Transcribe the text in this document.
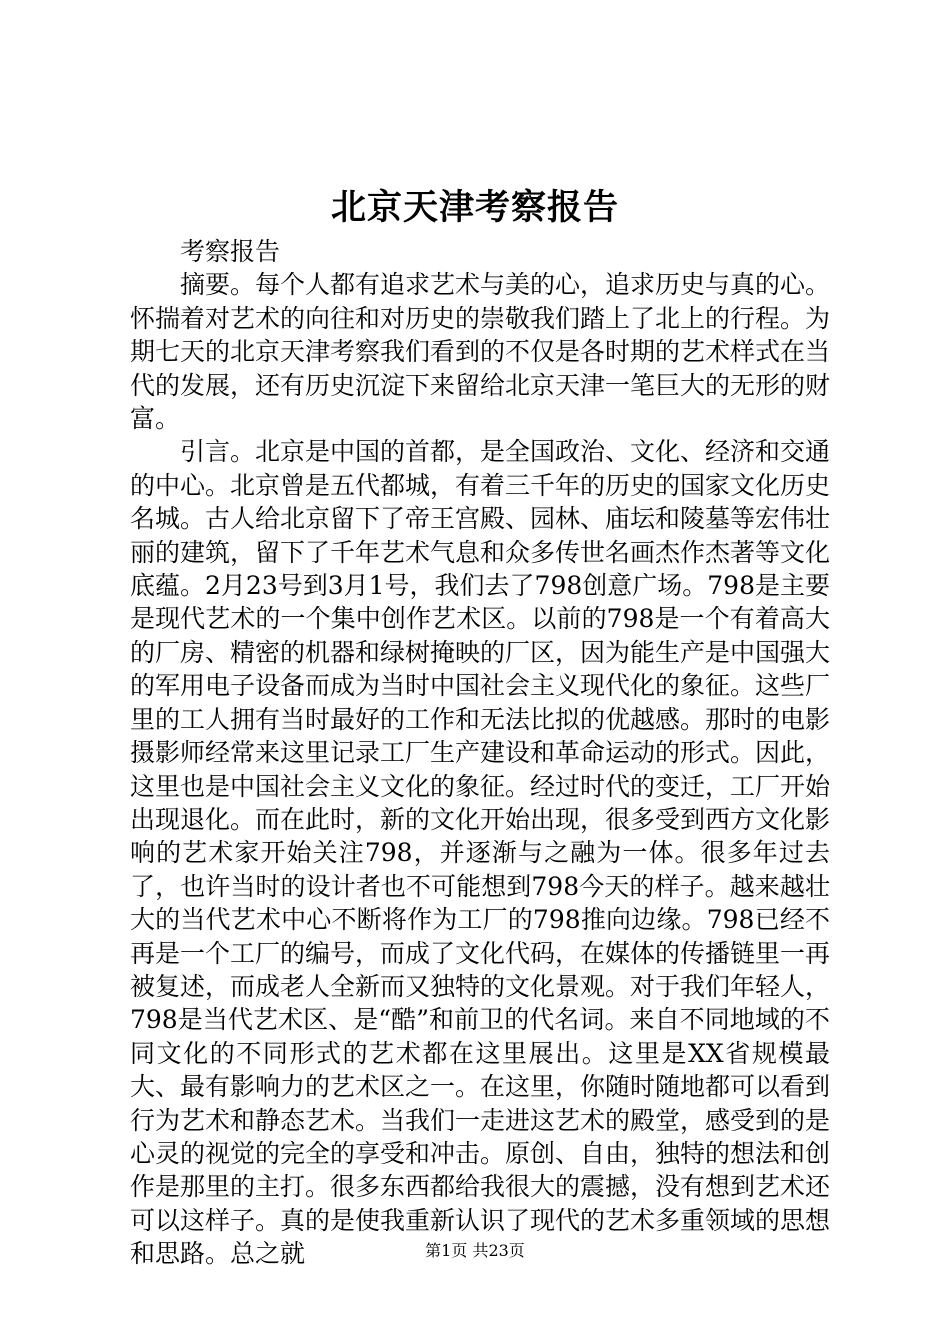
北京天津考察报告

考察报告

摘要。每个人都有追求艺术与美的心，追求历史与真的心。怀揣着对艺术的向往和对历史的崇敬我们踏上了北上的行程。为期七天的北京天津考察我们看到的不仅是各时期的艺术样式在当代的发展，还有历史沉淀下来留给北京天津一笔巨大的无形的财富。

引言。北京是中国的首都，是全国政治、文化、经济和交通的中心。北京曾是五代都城，有着三千年的历史的国家文化历史名城。古人给北京留下了帝王宫殿、园林、庙坛和陵墓等宏伟壮丽的建筑，留下了千年艺术气息和众多传世名画杰作杰著等文化底蕴。2月23号到3月1号，我们去了798创意广场。798是主要是现代艺术的一个集中创作艺术区。以前的798是一个有着高大的厂房、精密的机器和绿树掩映的厂区，因为能生产是中国强大的军用电子设备而成为当时中国社会主义现代化的象征。这些厂里的工人拥有当时最好的工作和无法比拟的优越感。那时的电影摄影师经常来这里记录工厂生产建设和革命运动的形式。因此，这里也是中国社会主义文化的象征。经过时代的变迁，工厂开始出现退化。而在此时，新的文化开始出现，很多受到西方文化影响的艺术家开始关注798，并逐渐与之融为一体。很多年过去了，也许当时的设计者也不可能想到798今天的样子。越来越壮大的当代艺术中心不断将作为工厂的798推向边缘。798已经不再是一个工厂的编号，而成了文化代码，在媒体的传播链里一再被复述，而成老人全新而又独特的文化景观。对于我们年轻人，798是当代艺术区、是“酷”和前卫的代名词。来自不同地域的不同文化的不同形式的艺术都在这里展出。这里是XX省规模最大、最有影响力的艺术区之一。在这里，你随时随地都可以看到行为艺术和静态艺术。当我们一走进这艺术的殿堂，感受到的是心灵的视觉的完全的享受和冲击。原创、自由，独特的想法和创作是那里的主打。很多东西都给我很大的震撼，没有想到艺术还可以这样子。真的是使我重新认识了现代的艺术多重领域的思想和思路。总之就	第1页 共23页
